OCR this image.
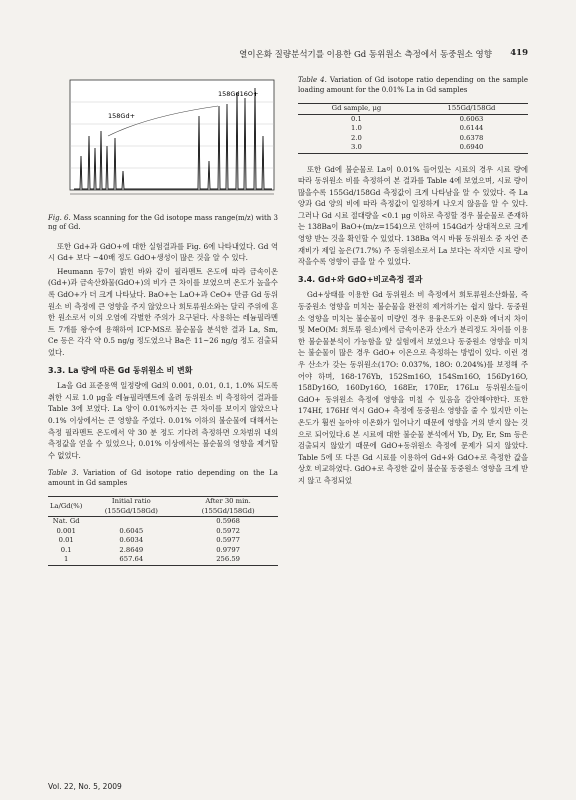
열이온화 질량분석기를 이용한 Gd 동위원소 측정에서 동중원소 영향 419
158Gd+
158Gd16O+
Fig. 6. Mass scanning for the Gd isotope mass range(m/z) with 3 ng of Gd.

또한 Gd+과 GdO+에 대한 실험결과를 Fig. 6에 나타내었다. Gd 역시 Gd+ 보다 ~40배 정도 GdO+생성이 많은 것을 알 수 있다.

Heumann 등7이 밝힌 바와 같이 필라멘트 온도에 따라 금속이온(Gd+)과 금속산화물(GdO+)의 비가 큰 차이를 보였으며 온도가 높을수록 GdO+가 더 크게 나타났다. BaO+는 LaO+과 CeO+ 만큼 Gd 동위원소 비 측정에 큰 영향을 주지 않았으나 희토류원소와는 달리 주위에 흔한 원소로서 이의 오염에 각별한 주의가 요구된다. 사용하는 레늄필라멘트 7개를 왕수에 용해하여 ICP-MS로 불순물을 분석한 결과 La, Sm, Ce 등은 각각 약 0.5 ng/g 정도였으나 Ba은 11~26 ng/g 정도 검출되었다.

3.3. La 량에 따른 Gd 동위원소 비 변화

La을 Gd 표준용액 일정량에 Gd의 0.001, 0.01, 0.1, 1.0% 되도록 취한 시료 1.0 μg을 레늄필라멘트에 올려 동위원소 비 측정하여 결과를 Table 3에 보였다. La 양이 0.01%까지는 큰 차이를 보이지 않았으나 0.1% 이상에서는 큰 영향을 주었다. 0.01% 이하의 불순물에 대해서는 측정 필라멘트 온도에서 약 30 분 정도 기다려 측정하면 오차범위 내의 측정값을 얻을 수 있었으나, 0.01% 이상에서는 불순물의 영향을 제거할 수 없었다.

Table 3. Variation of Gd isotope ratio depending on the La amount in Gd samples
La/Gd(%)	Initial ratio (155Gd/158Gd)	After 30 min. (155Gd/158Gd)
Nat. Gd		0.5968
0.001	0.6045	0.5972
0.01	0.6034	0.5977
0.1	2.8649	0.9797
1	657.64	256.59
Table 4. Variation of Gd isotope ratio depending on the sample loading amount for the 0.01% La in Gd samples
Gd sample, μg	155Gd/158Gd
0.1	0.6063
1.0	0.6144
2.0	0.6378
3.0	0.6940

또한 Gd에 불순물로 La이 0.01% 들어있는 시료의 경우 시료 량에 따라 동위원소 비를 측정하여 본 결과를 Table 4에 보였으며, 시료 량이 많을수록 155Gd/158Gd 측정값이 크게 나타남을 알 수 있었다. 즉 La 양과 Gd 양의 비에 따라 측정값이 일정하게 나오지 않음을 알 수 있다. 그러나 Gd 시료 절대량을 <0.1 μg 이하로 측정할 경우 불순물로 존재하는 138Ba이 BaO+(m/z=154)으로 인하여 154Gd가 상대적으로 크게 영향 받는 것을 확인할 수 있었다. 138Ba 역시 바륨 동위원소 중 자연 존재비가 제일 높은(71.7%) 주 동위원소로서 La 보다는 작지만 시료 량이 작을수록 영향이 큼을 알 수 있었다.

3.4. Gd+와 GdO+비교측정 결과

Gd+상태를 이용한 Gd 동위원소 비 측정에서 희토류원소산화물, 즉 동중원소 영향을 미치는 불순물을 완전히 제거하기는 쉽지 않다. 동중원소 영향을 미치는 불순물이 미량인 경우 용융온도와 이온화 에너지 차이 및 MeO(M: 희토류 원소)에서 금속이온과 산소가 분리정도 차이를 이용한 불순물분석이 가능함을 앞 실험에서 보였으나 동중원소 영향을 미치는 불순물이 많은 경우 GdO+ 이온으로 측정하는 방법이 있다. 이런 경우 산소가 갖는 동위원소(17O: 0.037%, 18O: 0.204%)를 보정해 주어야 하며, 168-176Yb, 152Sm16O, 154Sm16O, 156Dy16O, 158Dy16O, 160Dy16O, 168Er, 170Er, 176Lu 동위원소들이 GdO+ 동위원소 측정에 영향을 미칠 수 있음을 감안해야한다. 또한 174Hf, 176Hf 역시 GdO+ 측정에 동중원소 영향을 줄 수 있지만 이는 온도가 훨씬 높아야 이온화가 일어나기 때문에 영향을 거의 받지 않는 것으로 되어있다.6 본 시료에 대한 불순물 분석에서 Yb, Dy, Er, Sm 등은 검출되지 않았기 때문에 GdO+동위원소 측정에 문제가 되지 않았다. Table 5에 또 다른 Gd 시료를 이용하여 Gd+와 GdO+로 측정한 값을 상호 비교하였다. GdO+로 측정한 값이 불순물 동중원소 영향을 크게 받지 않고 측정되었

Vol. 22, No. 5, 2009
